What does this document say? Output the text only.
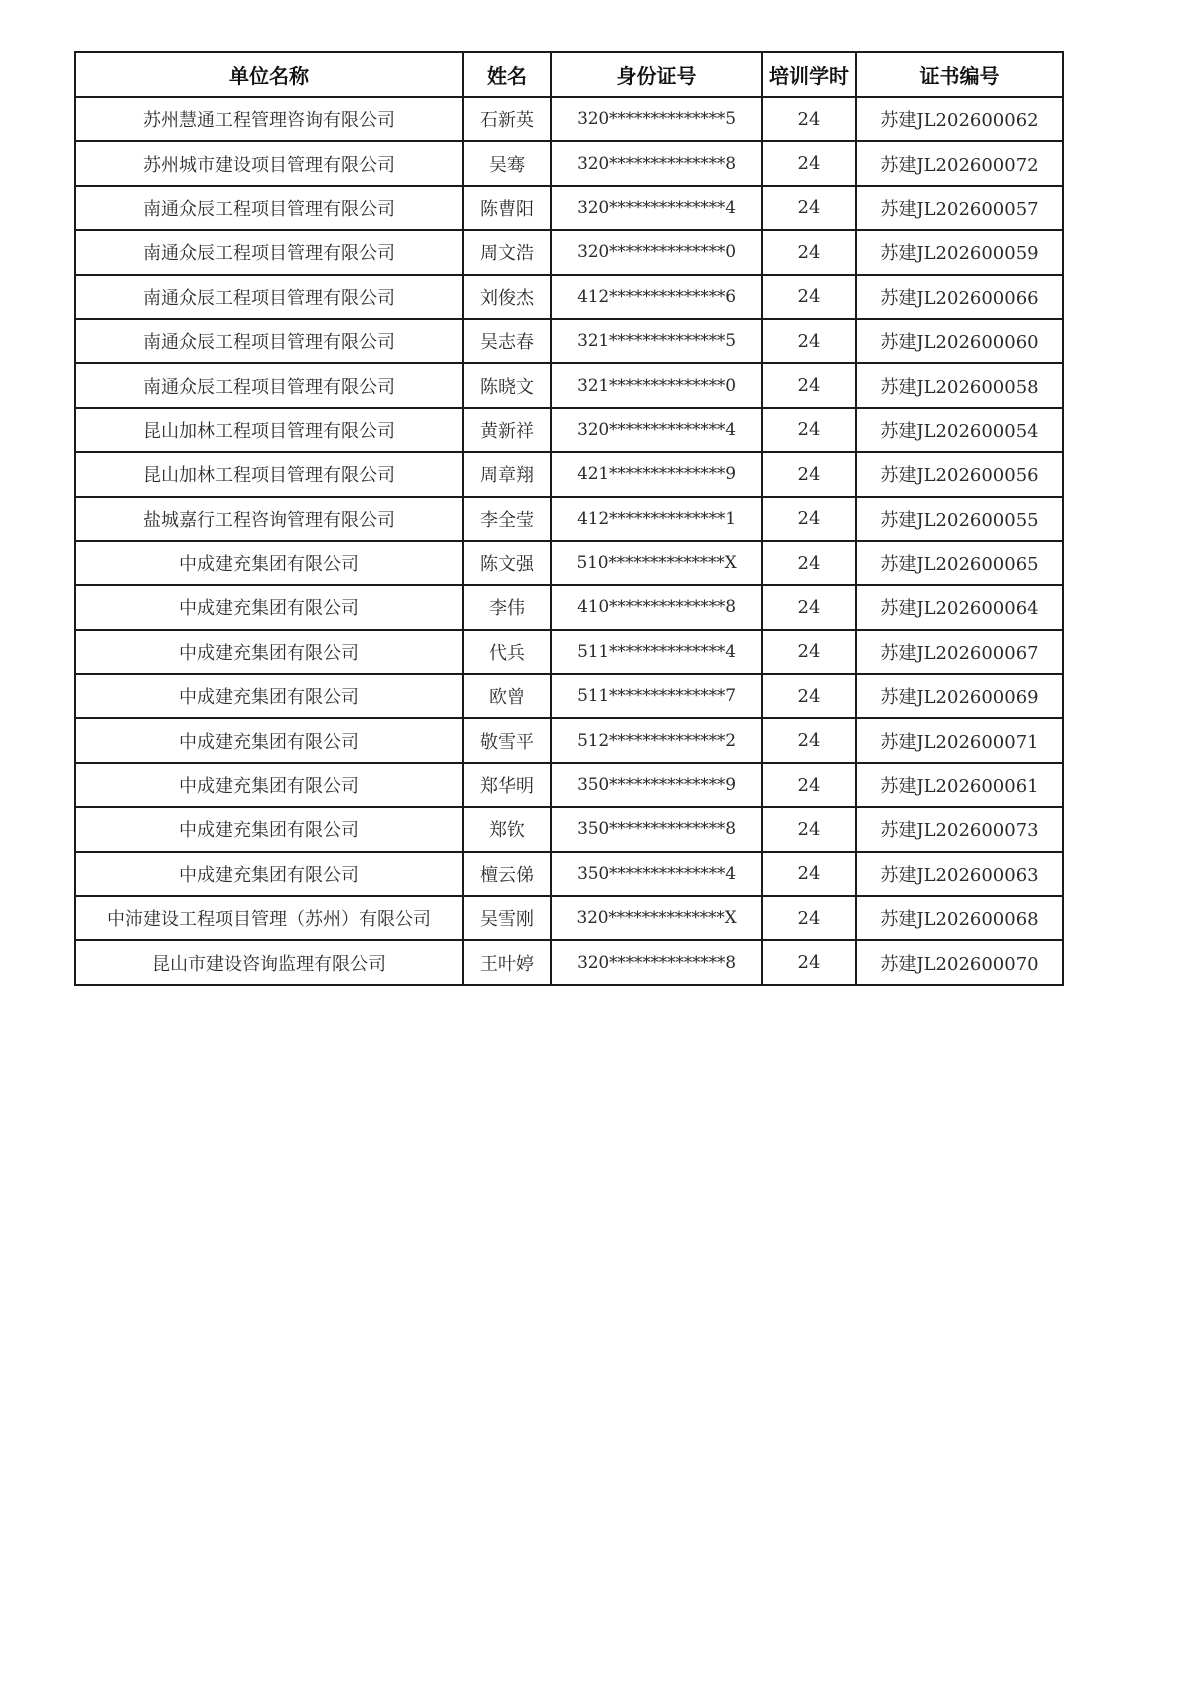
单位名称	姓名	身份证号	培训学时	证书编号
苏州慧通工程管理咨询有限公司	石新英	320**************5	24	苏建JL202600062
苏州城市建设项目管理有限公司	吴骞	320**************8	24	苏建JL202600072
南通众辰工程项目管理有限公司	陈曹阳	320**************4	24	苏建JL202600057
南通众辰工程项目管理有限公司	周文浩	320**************0	24	苏建JL202600059
南通众辰工程项目管理有限公司	刘俊杰	412**************6	24	苏建JL202600066
南通众辰工程项目管理有限公司	吴志春	321**************5	24	苏建JL202600060
南通众辰工程项目管理有限公司	陈晓文	321**************0	24	苏建JL202600058
昆山加林工程项目管理有限公司	黄新祥	320**************4	24	苏建JL202600054
昆山加林工程项目管理有限公司	周章翔	421**************9	24	苏建JL202600056
盐城嘉行工程咨询管理有限公司	李全莹	412**************1	24	苏建JL202600055
中成建充集团有限公司	陈文强	510**************X	24	苏建JL202600065
中成建充集团有限公司	李伟	410**************8	24	苏建JL202600064
中成建充集团有限公司	代兵	511**************4	24	苏建JL202600067
中成建充集团有限公司	欧曾	511**************7	24	苏建JL202600069
中成建充集团有限公司	敬雪平	512**************2	24	苏建JL202600071
中成建充集团有限公司	郑华明	350**************9	24	苏建JL202600061
中成建充集团有限公司	郑钦	350**************8	24	苏建JL202600073
中成建充集团有限公司	檀云俤	350**************4	24	苏建JL202600063
中沛建设工程项目管理（苏州）有限公司	吴雪刚	320**************X	24	苏建JL202600068
昆山市建设咨询监理有限公司	王叶婷	320**************8	24	苏建JL202600070
